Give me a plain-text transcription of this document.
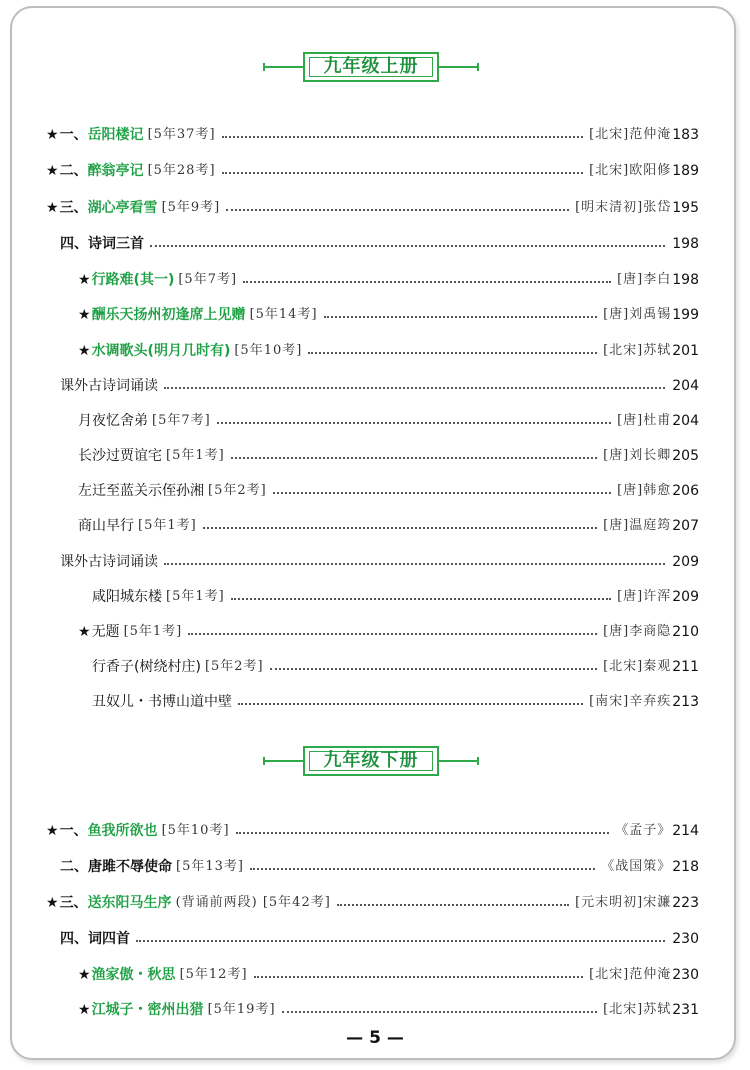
九年级上册
九年级下册
★ 一、 岳阳楼记 [5年37考]	[北宋]范仲淹 183
★ 二、 醉翁亭记 [5年28考]	[北宋]欧阳修 189
★ 三、 湖心亭看雪 [5年9考]	[明末清初]张岱 195
四、 诗词三首	198
★ 行路难(其一) [5年7考]	[唐]李白 198
★ 酬乐天扬州初逢席上见赠 [5年14考]	[唐]刘禹锡 199
★ 水调歌头(明月几时有) [5年10考]	[北宋]苏轼 201
课外古诗词诵读	204
月夜忆舍弟 [5年7考]	[唐]杜甫 204
长沙过贾谊宅 [5年1考]	[唐]刘长卿 205
左迁至蓝关示侄孙湘 [5年2考]	[唐]韩愈 206
商山早行 [5年1考]	[唐]温庭筠 207
课外古诗词诵读	209
咸阳城东楼 [5年1考]	[唐]许浑 209
★ 无题 [5年1考]	[唐]李商隐 210
行香子(树绕村庄) [5年2考]	[北宋]秦观 211
丑奴儿・书博山道中壁	[南宋]辛弃疾 213
★ 一、 鱼我所欲也 [5年10考]	《孟子》 214
二、 唐雎不辱使命 [5年13考]	《战国策》 218
★ 三、 送东阳马生序 (背诵前两段) [5年42考]	[元末明初]宋濂 223
四、 词四首	230
★ 渔家傲・秋思 [5年12考]	[北宋]范仲淹 230
★ 江城子・密州出猎 [5年19考]	[北宋]苏轼 231
— 5 —
